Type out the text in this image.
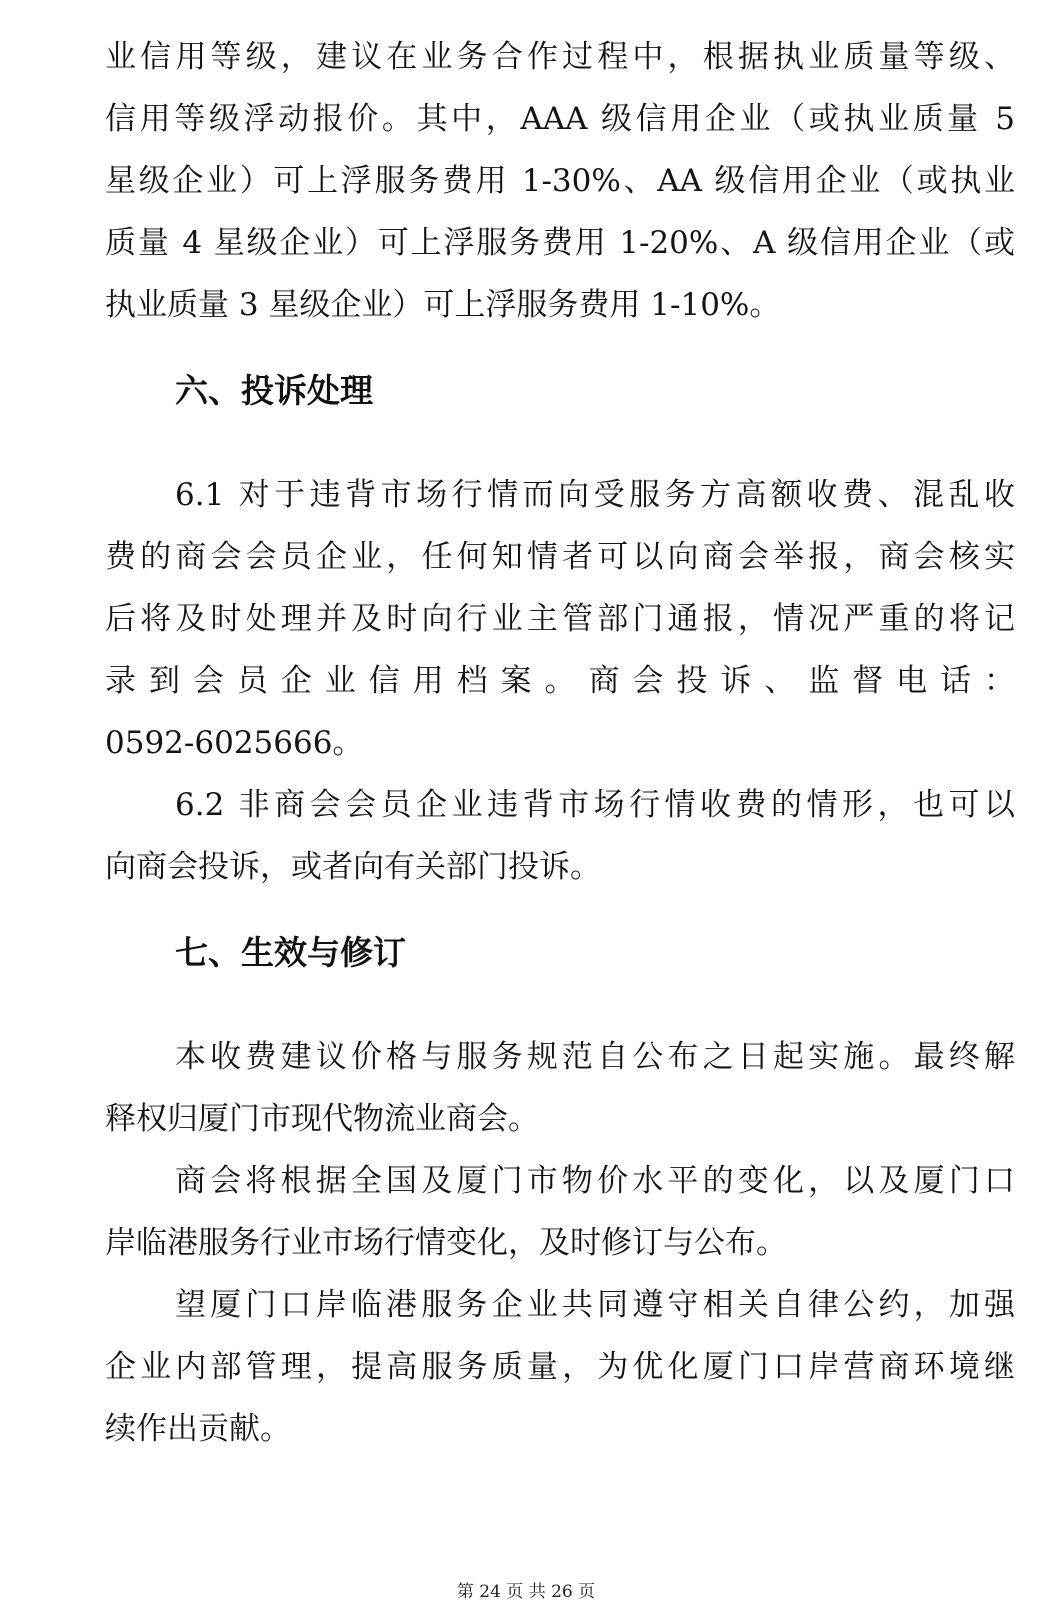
业信用等级，建议在业务合作过程中，根据执业质量等级、
信用等级浮动报价。其中，AAA 级信用企业（或执业质量 5
星级企业）可上浮服务费用 1-30%、AA 级信用企业（或执业
质量 4 星级企业）可上浮服务费用 1-20%、A 级信用企业（或
执业质量 3 星级企业）可上浮服务费用 1-10%。
六、投诉处理
6.1 对于违背市场行情而向受服务方高额收费、混乱收
费的商会会员企业，任何知情者可以向商会举报，商会核实
后将及时处理并及时向行业主管部门通报，情况严重的将记
录到会员企业信用档案。商会投诉、监督电话：
0592-6025666。
6.2 非商会会员企业违背市场行情收费的情形，也可以
向商会投诉，或者向有关部门投诉。
七、生效与修订
本收费建议价格与服务规范自公布之日起实施。最终解
释权归厦门市现代物流业商会。
商会将根据全国及厦门市物价水平的变化，以及厦门口
岸临港服务行业市场行情变化，及时修订与公布。
望厦门口岸临港服务企业共同遵守相关自律公约，加强
企业内部管理，提高服务质量，为优化厦门口岸营商环境继
续作出贡献。
第 24 页 共 26 页
